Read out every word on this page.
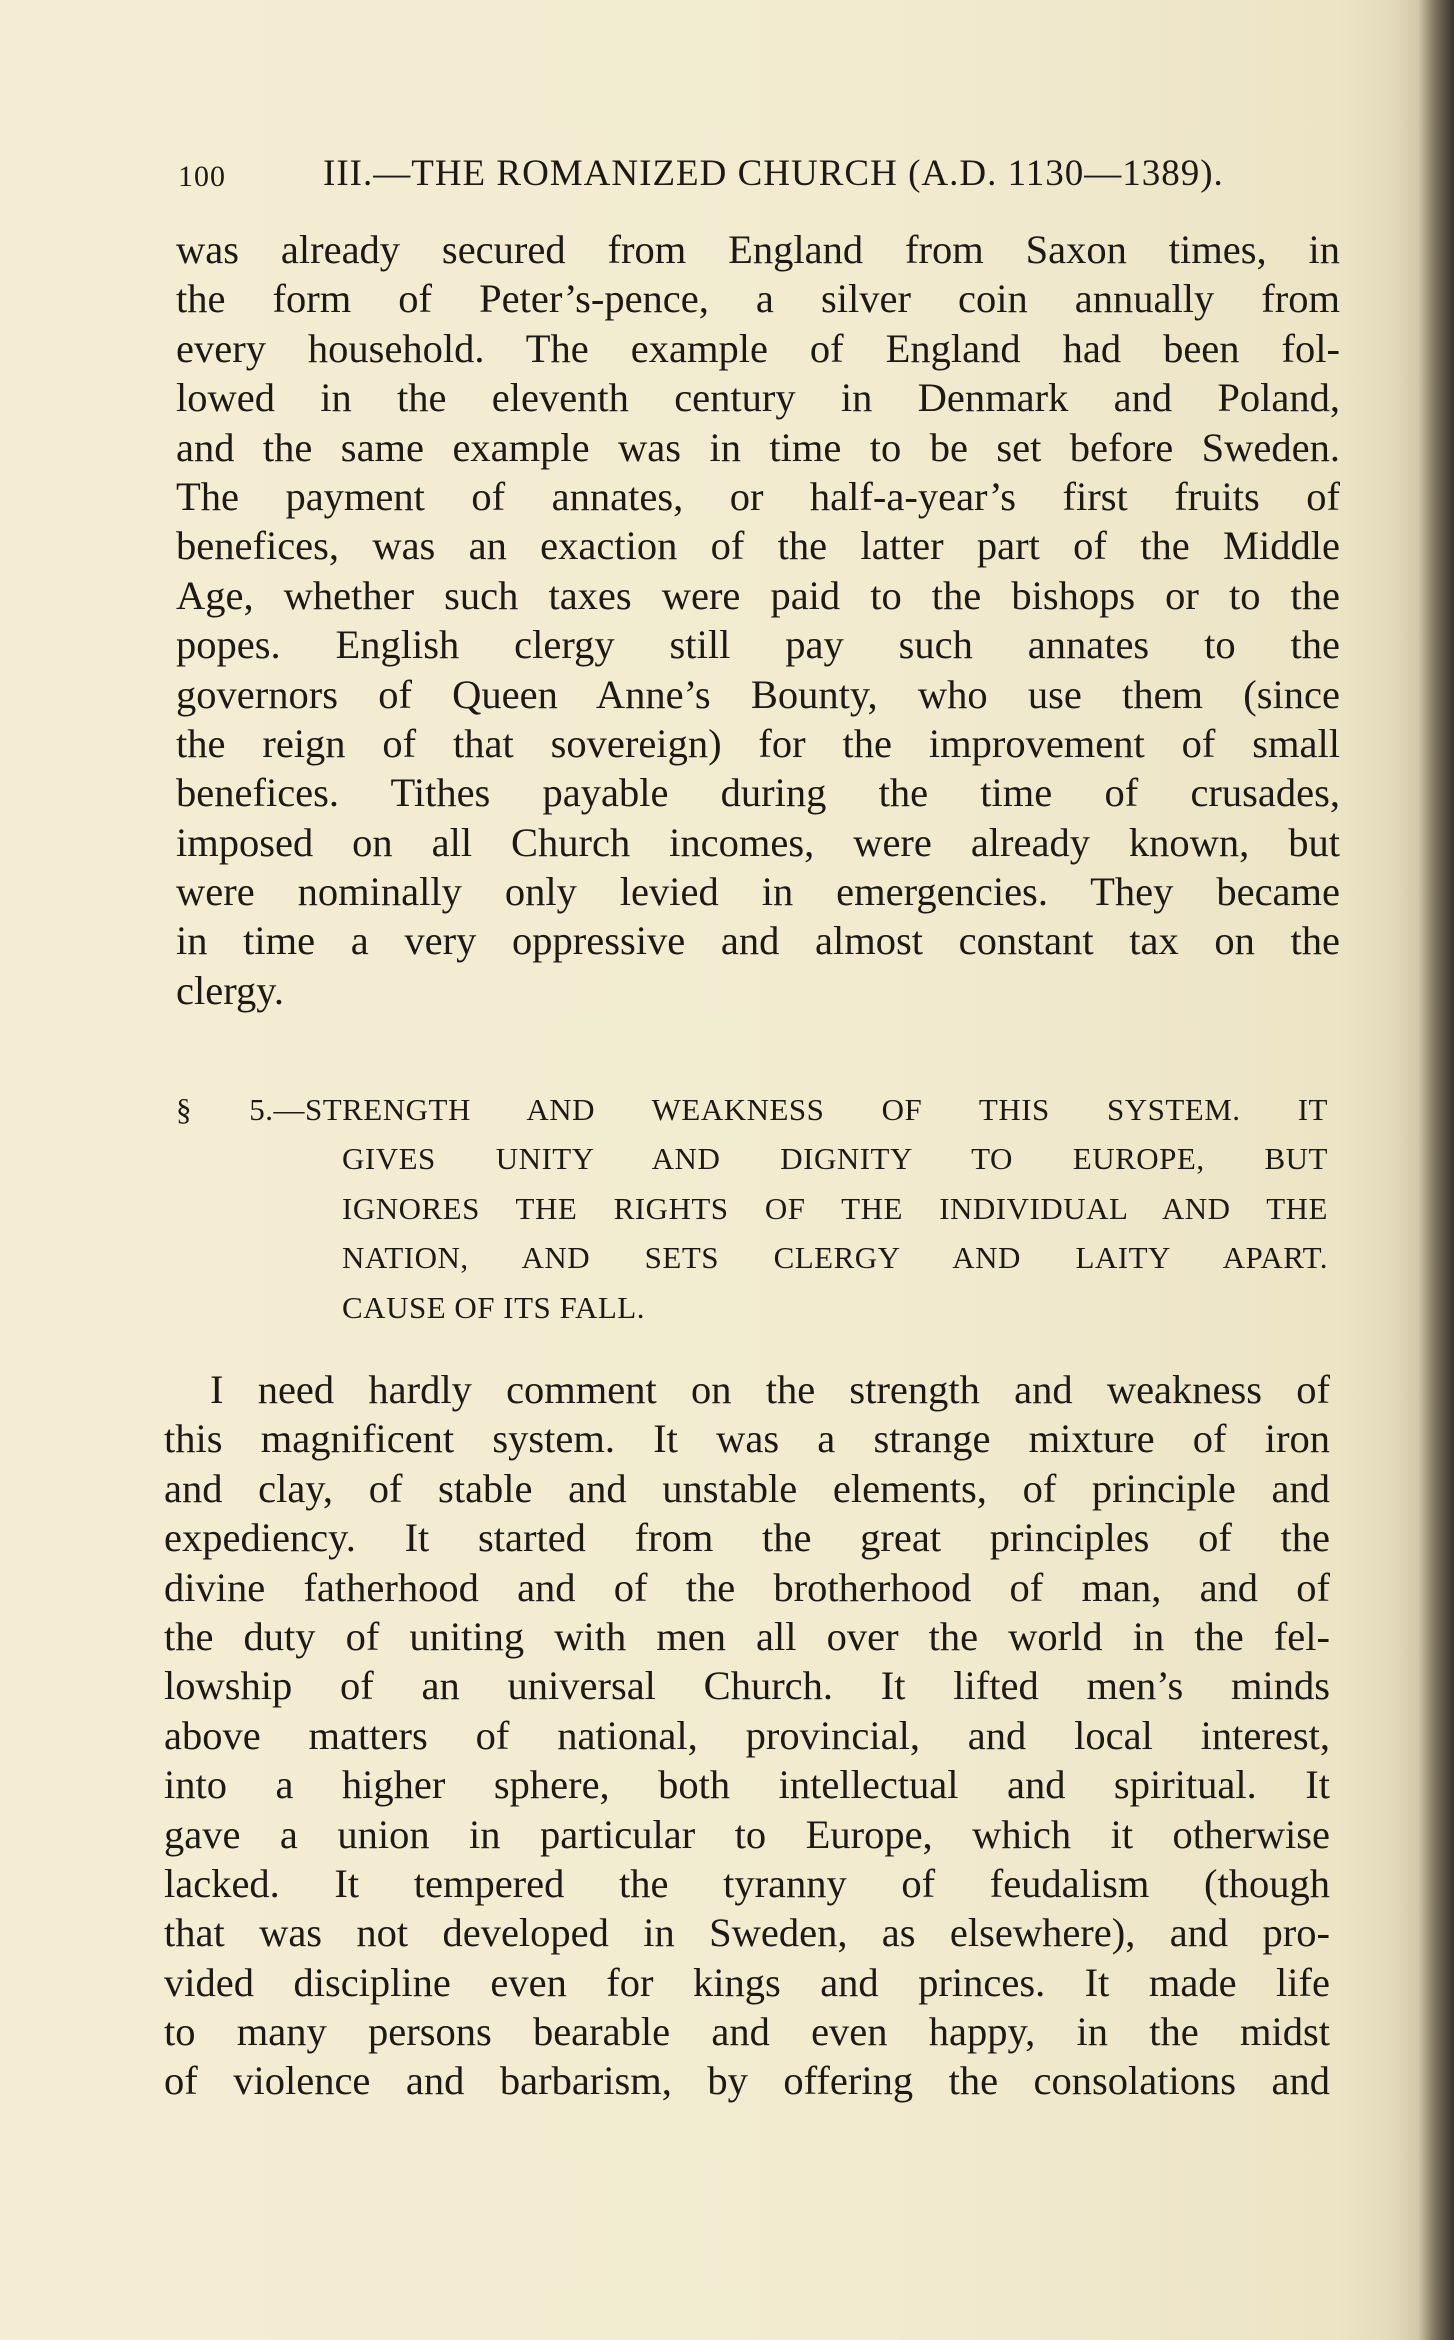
100	III.—THE ROMANIZED CHURCH (A.D. 1130—1389).
was already secured from England from Saxon times, in
the form of Peter’s-pence, a silver coin annually from
every household. The example of England had been fol-
lowed in the eleventh century in Denmark and Poland,
and the same example was in time to be set before Sweden.
The payment of annates, or half-a-year’s first fruits of
benefices, was an exaction of the latter part of the Middle
Age, whether such taxes were paid to the bishops or to the
popes. English clergy still pay such annates to the
governors of Queen Anne’s Bounty, who use them (since
the reign of that sovereign) for the improvement of small
benefices. Tithes payable during the time of crusades,
imposed on all Church incomes, were already known, but
were nominally only levied in emergencies. They became
in time a very oppressive and almost constant tax on the
clergy.
§ 5.—STRENGTH AND WEAKNESS OF THIS SYSTEM. IT
GIVES UNITY AND DIGNITY TO EUROPE, BUT
IGNORES THE RIGHTS OF THE INDIVIDUAL AND THE
NATION, AND SETS CLERGY AND LAITY APART.
CAUSE OF ITS FALL.
I need hardly comment on the strength and weakness of
this magnificent system. It was a strange mixture of iron
and clay, of stable and unstable elements, of principle and
expediency. It started from the great principles of the
divine fatherhood and of the brotherhood of man, and of
the duty of uniting with men all over the world in the fel-
lowship of an universal Church. It lifted men’s minds
above matters of national, provincial, and local interest,
into a higher sphere, both intellectual and spiritual. It
gave a union in particular to Europe, which it otherwise
lacked. It tempered the tyranny of feudalism (though
that was not developed in Sweden, as elsewhere), and pro-
vided discipline even for kings and princes. It made life
to many persons bearable and even happy, in the midst
of violence and barbarism, by offering the consolations and
